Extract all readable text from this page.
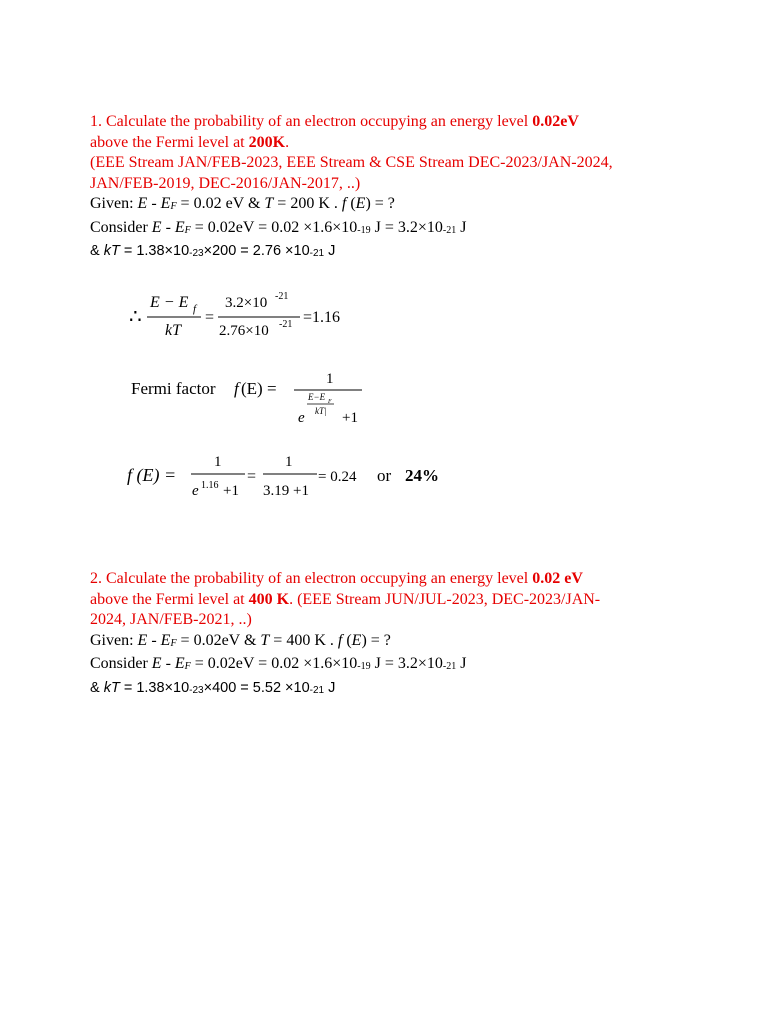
1. Calculate the probability of an electron occupying an energy level 0.02eV
above the Fermi level at 200K.
(EEE Stream JAN/FEB-2023, EEE Stream & CSE Stream DEC-2023/JAN-2024,
JAN/FEB-2019, DEC-2016/JAN-2017, ..)
Given: E - EF = 0.02 eV & T = 200 K . f (E) = ?
Consider E - EF = 0.02eV = 0.02 ×1.6×10-19 J = 3.2×10-21 J
& kT = 1.38×10-23×200 = 2.76 ×10-21 J
∴
E − E f
kT
=
3.2×10 -21
2.76×10 -21 =1.16
Fermi factor f (E) =	1
e
E−E F
kT| +1
f (E) =
1
e 1.16 +1
=
1
3.19 +1
= 0.24 or 24%
2. Calculate the probability of an electron occupying an energy level 0.02 eV
above the Fermi level at 400 K. (EEE Stream JUN/JUL-2023, DEC-2023/JAN-
2024, JAN/FEB-2021, ..)
Given: E - EF = 0.02eV & T = 400 K . f (E) = ?
Consider E - EF = 0.02eV = 0.02 ×1.6×10-19 J = 3.2×10-21 J
& kT = 1.38×10-23×400 = 5.52 ×10-21 J
